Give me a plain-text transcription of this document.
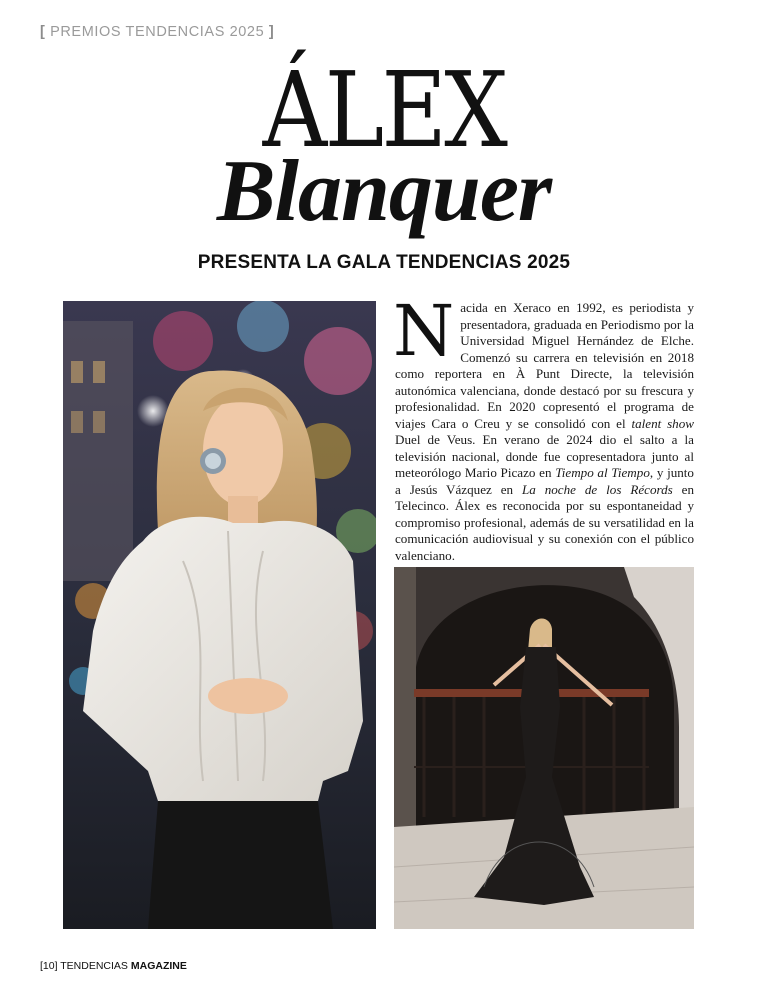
[ PREMIOS TENDENCIAS 2025 ]
ÁLEX
Blanquer
PRESENTA LA GALA TENDENCIAS 2025
Nacida en Xeraco en 1992, es periodista y presentadora, graduada en Periodismo por la Universidad Miguel Hernández de Elche. Comenzó su carrera en televisión en 2018 como reportera en À Punt Directe, la televisión autonómica valenciana, donde destacó por su frescura y profesionalidad. En 2020 copresentó el programa de viajes Cara o Creu y se consolidó con el talent show Duel de Veus. En verano de 2024 dio el salto a la televisión nacional, donde fue copresentadora junto al meteorólogo Mario Picazo en Tiempo al Tiempo, y junto a Jesús Vázquez en La noche de los Récords en Telecinco. Álex es reconocida por su espontaneidad y compromiso profesional, además de su versatilidad en la comunicación audiovisual y su conexión con el público valenciano.
[10] TENDENCIAS MAGAZINE
